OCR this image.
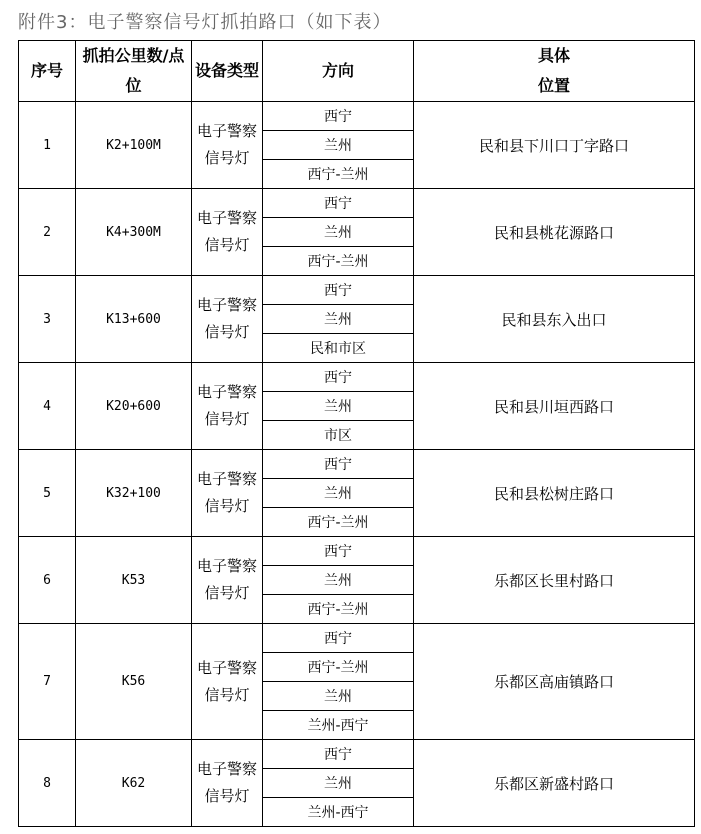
附件3：电子警察信号灯抓拍路口（如下表）
序号	抓拍公里数/点位	设备类型	方向	具体位置
1	K2+100M	电子警察信号灯	西宁	民和县下川口丁字路口
			兰州	
			西宁-兰州	
2	K4+300M	电子警察信号灯	西宁	民和县桃花源路口
			兰州	
			西宁-兰州	
3	K13+600	电子警察信号灯	西宁	民和县东入出口
			兰州	
			民和市区	
4	K20+600	电子警察信号灯	西宁	民和县川垣西路口
			兰州	
			市区	
5	K32+100	电子警察信号灯	西宁	民和县松树庄路口
			兰州	
			西宁-兰州	
6	K53	电子警察信号灯	西宁	乐都区长里村路口
			兰州	
			西宁-兰州	
7	K56	电子警察信号灯	西宁	乐都区高庙镇路口
			西宁-兰州	
			兰州	
			兰州-西宁	
8	K62	电子警察信号灯	西宁	乐都区新盛村路口
			兰州	
			兰州-西宁	
